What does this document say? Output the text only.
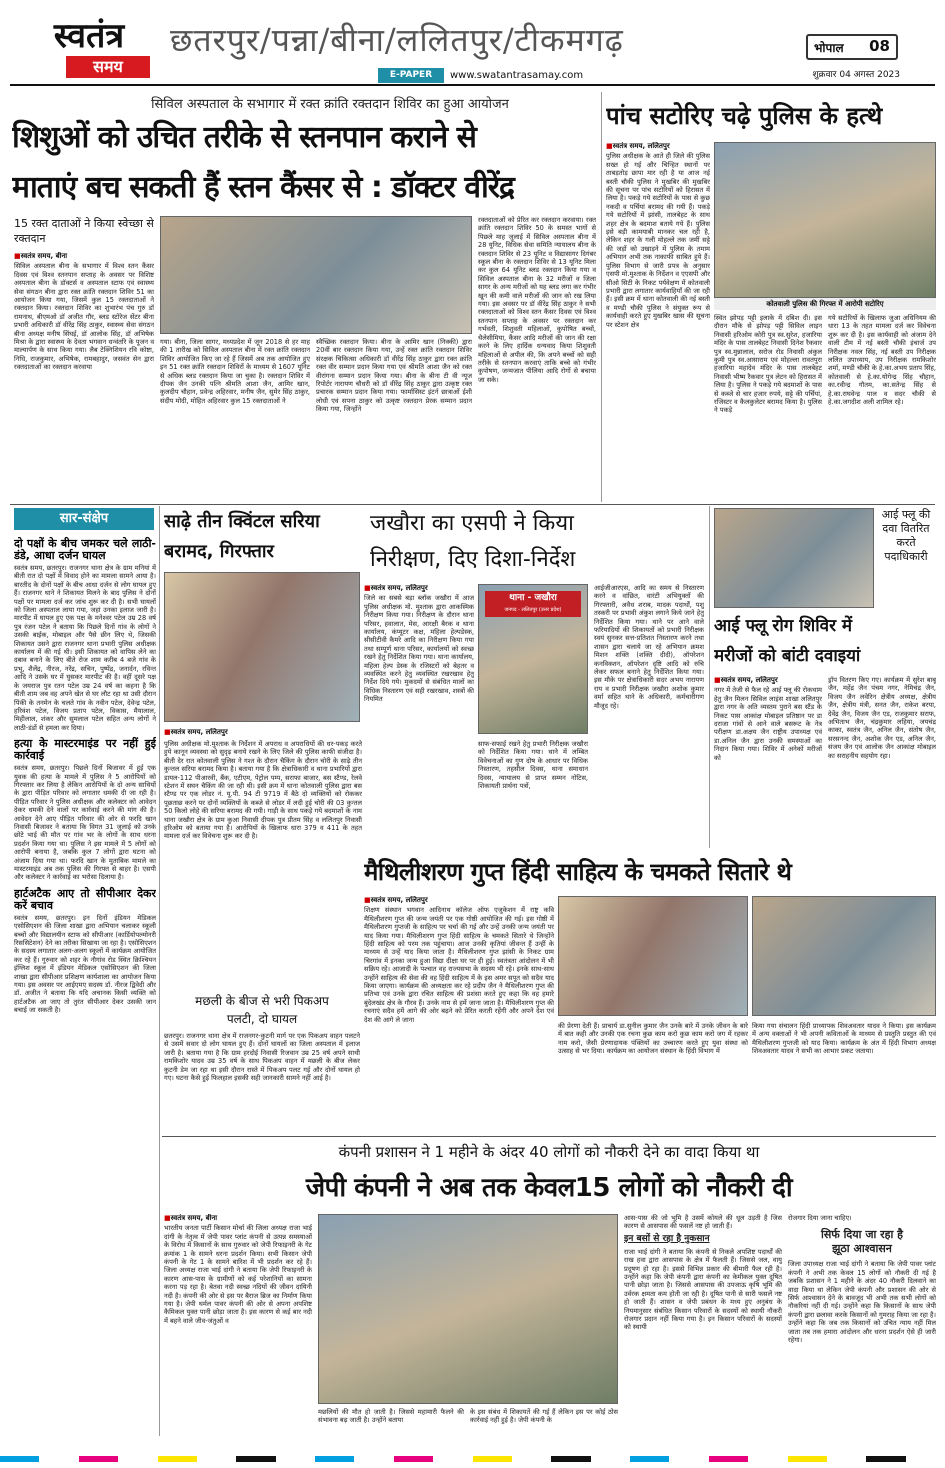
स्वतंत्र
समय
छतरपुर/पन्ना/बीना/ललितपुर/टीकमगढ़	भोपाल 08
E-PAPER	www.swatantrasamay.com	शुक्रवार 04 अगस्त 2023
सिविल अस्पताल के सभागार में रक्त क्रांति रक्तदान शिविर का हुआ आयोजन
शिशुओं को उचित तरीके से स्तनपान कराने से
माताएं बच सकती हैं स्तन कैंसर से : डॉक्टर वीरेंद्र
15 रक्त दाताओं ने किया स्वेच्छा से रक्तदान
■ स्वतंत्र समय, बीना
सिविल अस्पताल बीना के सभागार में विश्व स्तन कैंसर दिवस एवं विश्व स्तनपान सप्ताह के अवसर पर विशिष्ट अस्पताल बीना के डॉक्टर्स व अस्पताल स्टाफ एवं स्वास्थ्य सेवा संगठन बीना द्वारा रक्त क्रांति रक्तदान शिविर 51 का आयोजन किया गया, जिसमें कुल 15 रक्तदाताओं ने रक्तदान किया। रक्तदान शिविर का शुभारंभ पंच गुरु डॉ रामनाथ, बीएमओ डॉ अजीत गौर, ब्लड स्टोरेज सेंटर बीना प्रभारी अधिकारी डॉ वीरेंद्र सिंह ठाकुर, स्वास्थ्य सेवा संगठन बीना अध्यक्ष मनीष सिंघई, डॉ आलोक सिंह, डॉ अभिषेक मिश्रा के द्वारा स्वास्थ्य के देवता भगवान धन्वंतरि के पूजन व माल्यार्पण के साथ किया गया। लैब टेक्निशियन रवि कोष्टा, निधि, राजकुमार, अभिषेक, रामबहादुर, जसवंत सेन द्वारा रक्तदाताओं का रक्तदान करवाया
गया। बीना, जिला सागर, मध्यप्रदेश में जून 2018 से हर माह की 1 तारीख को सिविल अस्पताल बीना में रक्त क्रांति रक्तदान शिविर आयोजित किए जा रहे हैं जिसमें अब तक आयोजित हुए इन 51 रक्त क्रांति रक्तदान शिविरों के माध्यम से 1607 यूनिट से अधिक ब्लड रक्तदान किया जा चुका है। रक्तदान शिविर में दीपक जैन उनकी पत्नि श्रीमति आशा जैन, आमिर खान, कुलदीप चौहान, प्रवेन्द्र अहिरवार, मनीष जैन, सुमेर सिंह ठाकुर, संदीप मोदी, मोहित अहिरवार कुल 15 रक्तदाताओं ने
स्वैच्छिक रक्तदान किया। बीना के आमिर खान (निक्की) द्वारा 20वीं बार रक्तदान किया गया, उन्हें रक्त क्रांति रक्तदान शिविर संरक्षक चिकित्सा अधिकारी डॉ वीरेंद्र सिंह ठाकुर द्वारा रक्त क्रांति रक्त वीर सम्मान प्रदान किया गया एवं श्रीमति आशा जैन को रक्त वीरांगना सम्मान प्रदान किया गया। बीना के बीना टी वी न्यूज रिपोर्टर नारायण चौधरी को डॉ वीरेंद्र सिंह ठाकुर द्वारा उत्कृष्ट रक्त प्रचारक सम्मान प्रदान किया गया। फार्मासिस्ट इंटर्न छात्राओं ईशी लोधी एवं सपना ठाकुर को उत्कृष्ट रक्तदान प्रेरक सम्मान प्रदान किया गया, जिन्होंने
रक्तदाताओं को प्रेरित कर रक्तदान करवाया। रक्त क्रांति रक्तदान शिविर 50 के समस्त भागों से पिछले माह जुलाई में सिविल अस्पताल बीना में 28 यूनिट, विधिक सेवा समिति न्यायालय बीना के रक्तदान शिविर से 23 यूनिट व विद्यासागर दिगंबर स्कूल बीना के रक्तदान शिविर से 13 यूनिट मिला कर कुल 64 यूनिट ब्लड रक्तदान किया गया व सिविल अस्पताल बीना के 32 मरीजों व जिला सागर के अन्य मरीजों को यह ब्लड लगा कर गंभीर खून की कमी वाले मरीजों की जान को रख लिया गया। इस अवसर पर डॉ वीरेंद्र सिंह ठाकुर ने सभी रक्तदाताओं को विश्व स्तन कैंसर दिवस एवं विश्व स्तनपान सप्ताह के अवसर पर रक्तदान कर गर्भवती, शिशुवती महिलाओं, कुपोषित बच्चों, थैलेसीमिया, कैंसर आदि मरीजों की जान की रक्षा करने के लिए हार्दिक धन्यवाद किया शिशुवती महिलाओं से अपील की, कि अपने बच्चों को सही तरीके से स्तनपान करवाएं ताकि बच्चे को गंभीर कुपोषण, जन्मजात पीलिया आदि रोगों से बचाया जा सके।
पांच सटोरिए चढ़े पुलिस के हत्थे
■ स्वतंत्र समय, ललितपुर
पुलिस अधीक्षक के आते ही जिले की पुलिस सख्त हो गई और चिन्हित स्थानों पर ताबड़तोड़ छापा मार रही है या आज नई बस्ती चौकी पुलिस ने मुखबिर की मुखबिर की सूचना पर पांच सटोरियों को हिरासत में लिया है। पकड़े गये सटोरियों के पास से कुछ नकदी व पर्चियां बरामद की गयी हैं। पकड़े गये सटोरियों में झांसी, तालबेहट के साथ शहर क्षेत्र के बदमाश बताये गये हैं। पुलिस इसे बड़ी कामयाबी मानकर चल रही है, लेकिन शहर के गली मोहल्ले तक जमीं सट्टे की जड़ों को उखाड़ने में पुलिस के तमाम अभियान अभी तक नाकाफी साबित हुये हैं। पुलिस विभाग से जारी प्रपत्र के अनुसार एसपी मो.मुश्ताक के निर्देशन व एएसपी और सीओ सिटी के निकट पर्यवेक्षण में कोतवाली प्रभारी द्वारा लगातार कार्यवाहियाँ की जा रही हैं। इसी क्रम में थाना कोतवाली की नई बस्ती व मण्डी चौकी पुलिस ने संयुक्त रूप से कार्यवाही करते हुए मुखबिर खास की सूचना पर स्टेशन क्षेत्र
कोतवाली पुलिस की गिरफ्त में आरोपी सटोरिए
स्थित झोपड़ पट्टी इलाके में दबिश दी। इस दौरान मौके से झोपड़ पट्टी सिविल लाइन निवासी हरिओम कोरी पुत्र स्व.सुरेश, हजारिया मंदिर के पास तालबेहट निवासी दिनेश रैकवार पुत्र स्व.मुन्नालाल, सरोज रोड निवासी अंकुल कुमी पुत्र स्व.आसाराम एवं मोहल्ला रावतपुरा हजारिया महादेव मंदिर के पास तालबेहट निवासी भीष्म रैकवार पुत्र लेटन को हिरासत में लिया है। पुलिस ने पकड़े गये बदमाशों के पास से कब्जे से चार हजार रुपये, सट्टे की पर्चियां, रजिस्टर व कैलकुलेटर बरामद किया है। पुलिस ने पकड़े
गये सटोरियों के खिलाफ जुआ अधिनियम की धारा 13 के तहत मामला दर्ज कर विवेचना शुरू कर दी है। इस कार्यवाही को अंजाम देने वाली टीम में नई बस्ती चौकी इंचार्ज उप निरीक्षक नवल सिंह, नई बस्ती उप निरीक्षक ललित उपाध्याय, उप निरीक्षक रामकिशोर शर्मा, मण्डी चौकी के हे.का.अभय प्रताप सिंह, कोतवाली से हे.का.योगेन्द्र सिंह चौहान, का.रवीन्द्र गौतम, का.सतेन्द्र सिंह से हे.का.राघवेन्द्र पाल व सदर चौकी से हे.का.जगदीश अली शामिल रहे।
सार-संक्षेप
दो पक्षों के बीच जमकर चले लाठी-डंडे, आधा दर्जन घायल
स्वतंत्र समय, छतरपुर। राजनगर थाना क्षेत्र के ग्राम मनियां में बीती रात दो पक्षों में विवाद होने का मामला सामने आया है। बारतीद के दोनों पक्षों के बीच आधा दर्जन से लोग घायल हुए हैं। राजनगर थाने ने शिकायत मिलने के बाद पुलिस ने दोनों पक्षों पर मामला दर्ज कर जांच शुरू कर दी है। सभी घायलों को जिला अस्पताल लाया गया, जहां उनका इलाज जारी है। मारपीट में घायल हुए एक पक्ष के मनेश्वर पटेल उम्र 28 वर्ष पुत्र रंजन पटेल ने बताया कि पिछले दिनों गांव के लोगों ने उसकी बाईक, मोबाइल और पैसे छीन लिए थे, जिसकी शिकायत उसने द्वारा राजनगर थाना प्रभारी पुलिस अधीक्षक कार्यालय में की गई थी। इसी शिकायत को वापिस लेने का दबाव बनाने के लिए बीते रोज शाम करीब 4 बजे गांव के प्रभु, शैलेंद्र, नीरज, नरेंद्र, सचिन, पुष्पेंद्र, जनार्दन, रविन्त आदि ने उसके घर में घुसकर मारपीट की है। वहीं दूसरे पक्ष के जयराज पुत्र रतन पटेल उम्र 24 वर्ष का कहना है कि बीती शाम जब वह अपने खेत से घर लौट रहा था उसी दौरान पिंकी के तनमेन के चलते गांव के नवीन पटेल, देवेन्द्र पटेल, हरिवंश पटेल, विजय प्रताप पटेल, विकास, मैयालाल, मिहीलाल, शंकर और सुमलाल पटेल सहित अन्य लोगों ने लाठी-डंडों से हमला कर दिया।
हत्या के मास्टरमाइंड पर नहीं हुई कार्रवाई
स्वतंत्र समय, छतरपुर। पिछले दिनों बिजावर में हुई एक युवक की हत्या के मामले में पुलिस ने 5 आरोपियों को गिरफ्तार कर लिया है लेकिन आरोपियों के दो अन्य साथियों के द्वारा पीड़ित परिवार को लगातार धमकी दी जा रही है। पीड़ित परिवार ने पुलिस अधीक्षक और कलेक्टर को आवेदन देकर धमकी देने वालों पर कार्रवाई करने की मांग की है। आवेदन देने आए पीड़ित परिवार की ओर से फरदि खान निवासी बिजावर ने बताया कि विगत 31 जुलाई को उनके छोटे भाई की मौत पर गांव भर के लोगों के साथ धरना प्रदर्शन किया गया था। पुलिस ने इस मामले में 5 लोगों को आरोपी बनाया है, जबकि कुल 7 लोगों द्वारा घटना को अंजाम दिया गया था। फरदि खान के मुताबिक मामले का मास्टरमाइंड अब तक पुलिस की गिरफ्त से बाहर है। एसपी और कलेक्टर ने कार्रवाई का भरोसा दिलाया है।
हार्टअटैक आए तो सीपीआर देकर करें बचाव
स्वतंत्र समय, छतरपुर। इन दिनों इंडियन मेडिकल एसोसिएशन की जिला शाखा द्वारा अभियान चलाकर स्कूली बच्चों और विद्यालयीन स्टाफ को सीपीआर (कार्डियोपल्मोनरी रिससिटेशन) देने का तरीका सिखाया जा रहा है। एसोसिएशन के सदस्य लगातार अलग-अलग स्कूलों में कार्यक्रम आयोजित कर रहे हैं। गुरुवार को शहर के नौगांव रोड स्थित क्रिश्चियन इंग्लिश स्कूल में इंडियन मेडिकल एसोसिएशन की जिला शाखा द्वारा सीपीआर प्रशिक्षण कार्यशाला का आयोजन किया गया। इस अवसर पर आईएमए सदस्य डॉ. नीरज द्विवेदी और डॉ. अजीत ने बताया कि यदि अचानक किसी व्यक्ति को हार्टअटैक आ जाए तो तुरंत सीपीआर देकर उसकी जान बचाई जा सकती है।
साढ़े तीन क्विंटल सरिया
बरामद, गिरफ्तार
■ स्वतंत्र समय, ललितपुर
पुलिस अधीक्षक मो.मुश्ताक के निर्देशन में अपराध व अपराधियों की धर-पकड़ करते हुये कानून व्यवस्था को सुदृढ़ बनाये रखने के लिए जिले की पुलिस काफी संजीदा है। बीती देर रात कोतवाली पुलिस ने गश्त के दौरान चैकिंग के दौरान चोरी के साढ़े तीन कुन्तल सरिया बरामद किया है। बताया गया है कि क्षेत्राधिकारी व थाना प्रभारियों द्वारा डायल-112 पीआरवी, बैंक, एटीएम, पेट्रोल पम्प, सराफा बाजार, बस स्टैण्ड, रेलवे स्टेशन में सघन चैकिंग की जा रही थी। इसी क्रम में थाना कोतवाली पुलिस द्वारा बस स्टैण्ड पर एक लोडर नं. यू.पी. 94 टी 9719 में बैठे दो व्यक्तियों को रोककर पूछताछ करने पर दोनों व्यक्तियों के कब्जे से लोडर में लदी हुई चोरी की 03 कुन्तल 50 किलो लोहे की सरिया बरामद की गयी। गाड़ी के साथ पकड़े गये बदमाशों के नाम थाना जखौरा क्षेत्र के ग्राम कुआ निवासी दीपक पुत्र प्रीतम सिंह व ललितपुर निवासी हरिओम को बताया गया है। आरोपियों के खिलाफ धारा 379 व 411 के तहत मामला दर्ज कर विवेचना शुरू कर दी है।
जखौरा का एसपी ने किया
निरीक्षण, दिए दिशा-निर्देश
■ स्वतंत्र समय, ललितपुर
जिले का सबसे बड़ा ब्लॉक जखौरा में आज पुलिस अधीक्षक मो. मुश्ताक द्वारा आकस्मिक निरीक्षण किया गया। निरीक्षण के दौरान थाना परिसर, हवालात, मेस, आरक्षी बैरक व थाना कार्यालय, कंप्यूटर कक्ष, महिला हेल्पडेस्क, सीसीटीवी कैमरे आदि का निरीक्षण किया गया तथा सम्पूर्ण थाना परिसर, कार्यालयों को स्वच्छ रखने हेतु निर्देशित किया गया। थाना कार्यालय, महिला हेल्प डेस्क के रजिस्टरों को बेहतर व व्यवस्थित करने हेतु व्यवस्थित रखरखाव हेतु निर्देश दिये गये। मुकदमों से संबंधित मालों का विधिक निस्तारण एवं सही रखरखाव, शस्त्रों की नियमित
थाना - जखौरा
जनपद - ललितपुर (उत्तर प्रदेश)
साफ-सफाई रखने हेतु प्रभारी निरीक्षक जखौरा को निर्देशित किया गया। थाने में लम्बित विवेचनाओं का गुण दोष के आधार पर विधिक निस्तारण, तहसील दिवस, थाना समाधान दिवस, न्यायालय से प्राप्त सम्मन नोटिस, शिकायती प्रार्थना पत्रों,
आईजीआरएस, आदि का समय से निस्तारण करने व वांछित, वारंटी अभियुक्तों की गिरफ्तारी, अवैध शराब, मादक पदार्थों, पशु तस्करी पर प्रभावी अंकुश लगाने किये जाने हेतु निर्देशित किया गया। थाने पर आने वाले फरियादियों की शिकायतों को प्रभारी निरीक्षक स्वयं सुनकर सत्त-प्रतिशत निस्तारण करने तथा शासन द्वारा चलाये जा रहे अभियान क्रमश मिशन शक्ति (शक्ति दीदी), ऑपरेशन कनविक्शन, ऑपरेशन दृष्टि आदि को रुचि लेकर सफल बनाने हेतु निर्देशित किया गया। इस मौके पर क्षेत्राधिकारी सदर अभय नारायण राय व प्रभारी निरीक्षक जखौरा अशोक कुमार वर्मा सहित थाने के अधिकारी, कर्मचारीगण मौजूद रहे।
आई फ्लू की दवा वितरित करते पदाधिकारी
आई फ्लू रोग शिविर में
मरीजों को बांटी दवाइयां
■ स्वतंत्र समय, ललितपुर
नगर में तेजी से फैल रहे आई फ्लू की रोकथाम हेतु जैन मिलन सिविल लाइंस शाखा ललितपुर द्वारा नगर के अति व्यस्तम पुराने बस स्टैंड के निकट पास आकांक्ष मोबाइल प्रतिष्ठान पर डा दराजा गांवों से आने वाले बसरूट के नेत्र परीक्षण डा.अक्षय जैन राष्ट्रीय उपाध्यक्ष एवं डा.अनिल जैन द्वारा उनकी समस्याओं का निदान किया गया। शिविर में अनेकों मरीजों को
ड्रॉप वितरण किए गए। कार्यक्रम में सुरेश बाबू जैन, महेंद्र जैन पंचम नगर, नेमिचंद्र जैन, विजय जैन लवेरिन क्षेत्रीय अध्यक्ष, क्षेत्रीय जैन, क्षेत्रीय मंत्री, सनत जैन, राकेश बरया, देवेंद्र जैन, विजय जैन एड, राजकुमार सराफ, अभिताभ जैन, चंद्रकुमार लहिया, जयचंद्र काका, स्वतंत्र जैन, अनिल जैन, संतोष जैन, सरसनन्द जैन, अशोक जैन एड, अनिल जैन, संजय जैन एवं आलोक जैन आकांक्ष मोबाइल का सराहनीय सहयोग रहा।
मैथिलीशरण गुप्त हिंदी साहित्य के चमकते सितारे थे
■ स्वतंत्र समय, ललितपुर
शिक्षण संस्थान भगवान आदिनाथ कॉलेज ऑफ एजुकेशन में राष्ट्र कवि मैथिलीशरण गुप्त की जन्म जयंती पर एक गोष्ठी आयोजित की गई। इस गोष्ठी में मैथिलीशरण गुप्तजी के साहित्य पर चर्चा की गई और उन्हें उनकी जन्म जयंती पर याद किया गया। मैथिलीशरण गुप्त हिंदी साहित्य के चमकते सितारे थे जिन्होंने हिंदी साहित्य को परम तक पहुंचाया। आज उनकी कृतियां जीवन्त हैं उन्हीं के माध्यम से उन्हें याद किया जाता है। मैथिलीशरण गुप्त झांसी के निकट ग्राम चिरगांव में इनका जन्म हुआ विद्या दीक्षा घर पर ही हुई। स्वतंत्रता आंदोलन में भी सक्रिय रहे। आजादी के पश्चात वह राज्यसभा के सदस्य भी रहे। इनके साथ-साथ उन्होंने साहित्य की सेवा की वह हिंदी साहित्य में के इस अमर सपूत को सदैव याद किया जाएगा। कार्यक्रम की अध्यक्षता कर रहे प्रदीप जैन ने मैथिलीशरण गुप्त की प्रतिभा एवं उनके द्वारा रचित साहित्य की प्रशंसा करते हुए कहा कि वह हमारे बुंदेलखंड क्षेत्र के गौरव हैं। उनके नाम से हमें जाना जाता है। मैथिलीशरण गुप्त की रचनाएं सदैव हमें आगे की ओर बढ़ने को प्रेरित करती रहेंगी और अपने देश एवं देश की आगे ले जाना
की प्रेरणा देती हैं। प्राचार्य डा.सुनील कुमार जैन उनके बारे में उनके जीवन के बारे में बात कही और उनकी एक रचना कुछ काम करो कुछ काम करो जग में रहकर नाम करो, जैसी प्रेरणादायक पंक्तियों का उच्चारण करते हुए युवा संस्था को उत्साह से भर दिया। कार्यक्रम का आयोजन संस्थान के हिंदी विभाग में
किया गया संचालन हिंदी प्राध्यापक शिवअवतार यादव ने किया। इस कार्यक्रम में अन्य वक्ताओं ने भी अपनी कविताओं के माध्यम से प्रस्तुति प्रस्तुत की एवं मैथिलीशरण गुप्तजी को याद किया। कार्यक्रम के अंत में हिंदी विभाग अध्यक्ष शिवअवतार यादव ने सभी का आभार प्रकट जताया।
मछली के बीज से भरी पिकअप
पलटी, दो घायल
छतरपुर। राजनगर थाना क्षेत्र में राजनगर-कुटनी मार्ग पर एक पिकअप वाहन पलटने से उसमें सवार दो लोग घायल हुए हैं। दोनों घायलों का जिला अस्पताल में इलाज जारी है। बताया गया है कि ग्राम हरदोई निवासी रिजवान उम्र 25 वर्ष अपने साथी रामकिशोर यादव उम्र 35 वर्ष के साथ पिकअप वाहन में मछली के बीज लेकर कुटनी डेम जा रहा था इसी दौरान रास्ते में पिकअप पलट गई और दोनों घायल हो गए। घटना कैसे हुई फिलहाल इसकी सही जानकारी सामने नहीं आई है।
कंपनी प्रशासन ने 1 महीने के अंदर 40 लोगों को नौकरी देने का वादा किया था
जेपी कंपनी ने अब तक केवल15 लोगों को नौकरी दी
■ स्वतंत्र समय, बीना
भारतीय जनता पार्टी किसान मोर्चा की जिला अध्यक्ष राजा भाई दांगी के नेतृत्व में जेपी पावर प्लांट कंपनी से उत्पन्न समस्याओं के विरोध में किसानों के साथ गुरुवार को जेपी रिफाइनरी के गेट क्रमांक 1 के सामने धरना प्रदर्शन किया। सभी किसान जेपी कंपनी के गेट 1 के सामने बारिश में भी प्रदर्शन कर रहे हैं। जिला अध्यक्ष राजा भाई दांगी ने बताया कि जेपी रिफाइनरी के कारण आस-पास के ग्रामीणों को कई परेशानियों का सामना करना पड़ रहा है। बेतवा नदी स्वच्छ नदियों की जीवन दायिनी नदी है। कंपनी की ओर से इस पर बैराज ब्रिज का निर्माण किया गया है। जेपी थर्मल पावर कंपनी की ओर से अपना अपशिष्ट कैमिकल युक्त पानी छोड़ा जाता है। इस कारण से कई बार नदी में बहने वाले जीव-जंतुओं व
मछलियों की मौत हो जाती है। जिससे महामारी फैलने की संभावना बढ़ जाती है। उन्होंने बताया
के इस संबंध में शिकायतें की गई हैं लेकिन इस पर कोई ठोस कार्रवाई नहीं हुई है। जेपी कंपनी के
आस-पास की जो भूमि है उसमें कोयले की धूल उड़ती है जिस कारण से आसपास की फसलें नष्ट हो जाती हैं।
इन बसों से रहा है नुकसान
राजा भाई दांगी ने बताया कि कंपनी से निकले अपशिष्ट पदार्थों की राख हवा द्वारा आसपास के क्षेत्र में फैलती हैं। जिससे जल, वायु प्रदूषण हो रहा है। इससे विभिन्न प्रकार की बीमारी फैल रही है। उन्होंने कहा कि जेपी कंपनी द्वारा कंपनी का केमीकल युक्त दूषित पानी छोड़ा जाता है। जिससे आसपास की उपजाऊ कृषि भूमि की उर्वरक क्षमता कम होती जा रही है। दूषित पानी से सारी फसलें नष्ट हो जाती हैं। शासन व जेपी प्रबंधन के मध्य हुए अनुबंध के नियमानुसार संबंधित किसान परिवारों के सदस्यों को स्थायी नौकरी रोजगार प्रदान नहीं किया गया है। इन किसान परिवारों के सदस्यों को स्थायी
रोजगार दिया जाना चाहिए।
सिर्फ दिया जा रहा है
झूठा आश्वासन
जिला उपाध्यक्ष राजा भाई दांगी ने बताया कि जेपी पावर प्लांट कंपनी ने अभी तक केवल 15 लोगों को नौकरी दी गई है जबकि प्रशासन ने 1 महीने के अंदर 40 नौकरी दिलवाने का वादा किया था लेकिन जेपी कंपनी और प्रशासन की ओर से सिर्फ आश्वासन देने के बावजूद भी अभी तक सभी लोगों को नौकरियां नहीं दी गई। उन्होंने कहा कि किसानों के साथ जेपी कंपनी द्वारा छलावा करके किसानों को गुमराह किया जा रहा है। उन्होंने कहा कि जब तक किसानों को उचित न्याय नहीं मिल जाता तब तक हमारा आंदोलन और धरना प्रदर्शन ऐसे ही जारी रहेगा।
